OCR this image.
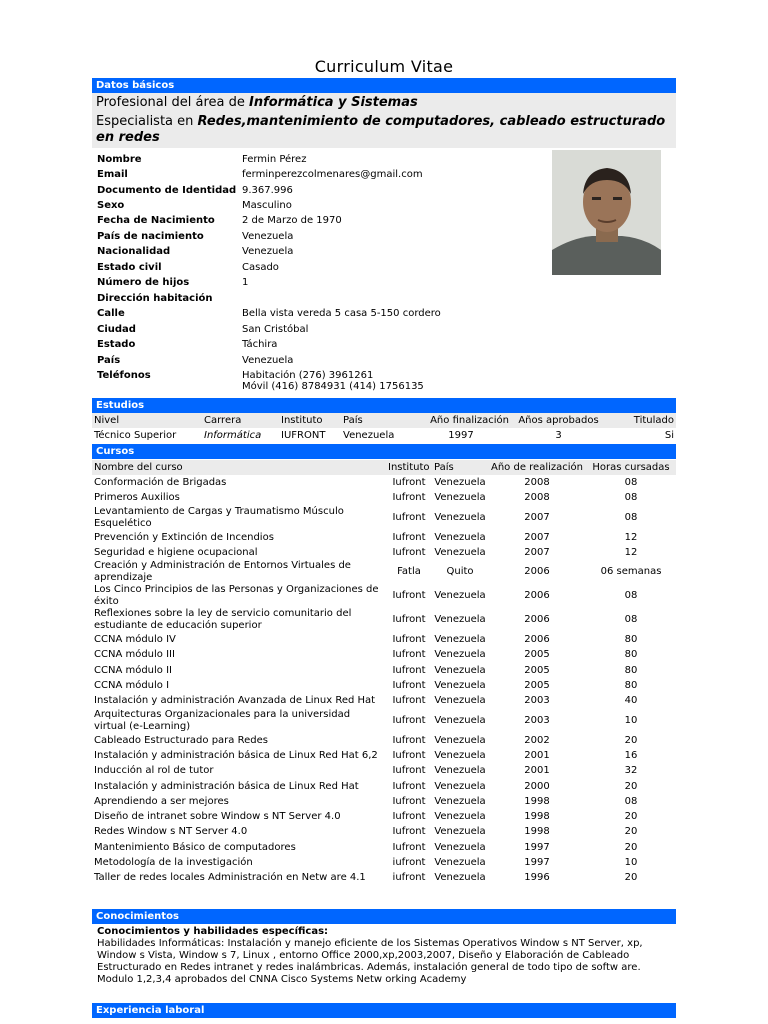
Curriculum Vitae
Datos básicos
Profesional del área de Informática y Sistemas
Especialista en Redes,mantenimiento de computadores, cableado estructurado en redes
Nombre	Fermin Pérez
Email	ferminperezcolmenares@gmail.com
Documento de Identidad 9.367.996
Sexo	Masculino
Fecha de Nacimiento	2 de Marzo de 1970
País de nacimiento	Venezuela
Nacionalidad	Venezuela
Estado civil	Casado
Número de hijos	1
Dirección habitación
Calle	Bella vista vereda 5 casa 5-150 cordero
Ciudad	San Cristóbal
Estado	Táchira
País	Venezuela
Teléfonos	Habitación (276) 3961261
Móvil (416) 8784931 (414) 1756135
Estudios
Nivel	Carrera	Instituto	País	Año finalización	Años aprobados	Titulado
Técnico Superior	Informática	IUFRONT	Venezuela	1997	3	Si
Cursos
Nombre del curso	Instituto	País	Año de realización	Horas cursadas
Conformación de Brigadas	Iufront	Venezuela	2008	08
Primeros Auxilios	Iufront	Venezuela	2008	08
Levantamiento de Cargas y Traumatismo Músculo Esquelético	Iufront	Venezuela	2007	08
Prevención y Extinción de Incendios	Iufront	Venezuela	2007	12
Seguridad e higiene ocupacional	Iufront	Venezuela	2007	12
Creación y Administración de Entornos Virtuales de aprendizaje	Fatla	Quito	2006	06 semanas
Los Cinco Principios de las Personas y Organizaciones de éxito	Iufront	Venezuela	2006	08
Reflexiones sobre la ley de servicio comunitario del estudiante de educación superior	Iufront	Venezuela	2006	08
CCNA módulo IV	Iufront	Venezuela	2006	80
CCNA módulo III	Iufront	Venezuela	2005	80
CCNA módulo II	Iufront	Venezuela	2005	80
CCNA módulo I	Iufront	Venezuela	2005	80
Instalación y administración Avanzada de Linux Red Hat	Iufront	Venezuela	2003	40
Arquitecturas Organizacionales para la universidad virtual (e-Learning)	Iufront	Venezuela	2003	10
Cableado Estructurado para Redes	Iufront	Venezuela	2002	20
Instalación y administración básica de Linux Red Hat 6,2	Iufront	Venezuela	2001	16
Inducción al rol de tutor	Iufront	Venezuela	2001	32
Instalación y administración básica de Linux Red Hat	Iufront	Venezuela	2000	20
Aprendiendo a ser mejores	Iufront	Venezuela	1998	08
Diseño de intranet sobre Window s NT Server 4.0	Iufront	Venezuela	1998	20
Redes Window s NT Server 4.0	Iufront	Venezuela	1998	20
Mantenimiento Básico de computadores	Iufront	Venezuela	1997	20
Metodología de la investigación	iufront	Venezuela	1997	10
Taller de redes locales Administración en Netw are 4.1	iufront	Venezuela	1996	20
Conocimientos
Conocimientos y habilidades específicas:
Habilidades Informáticas: Instalación y manejo eficiente de los Sistemas Operativos Window s NT Server, xp, Window s Vista, Window s 7, Linux , entorno Office 2000,xp,2003,2007, Diseño y Elaboración de Cableado Estructurado en Redes intranet y redes inalámbricas. Además, instalación general de todo tipo de softw are. Modulo 1,2,3,4 aprobados del CNNA Cisco Systems Netw orking Academy
Experiencia laboral
